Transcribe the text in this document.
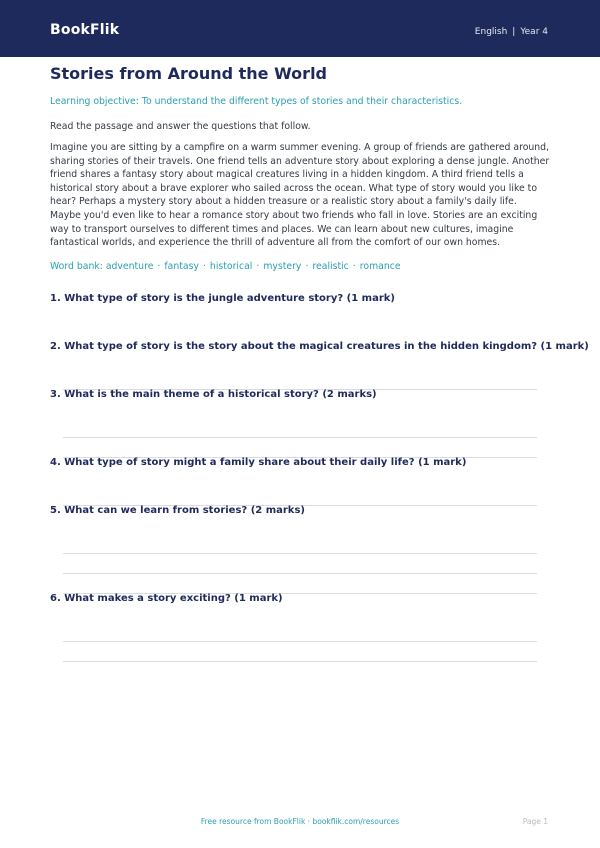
BookFlik	English | Year 4
Stories from Around the World

Learning objective: To understand the different types of stories and their characteristics.

Read the passage and answer the questions that follow.

Imagine you are sitting by a campfire on a warm summer evening. A group of friends are gathered around, sharing stories of their travels. One friend tells an adventure story about exploring a dense jungle. Another friend shares a fantasy story about magical creatures living in a hidden kingdom. A third friend tells a historical story about a brave explorer who sailed across the ocean. What type of story would you like to hear? Perhaps a mystery story about a hidden treasure or a realistic story about a family's daily life. Maybe you'd even like to hear a romance story about two friends who fall in love. Stories are an exciting way to transport ourselves to different times and places. We can learn about new cultures, imagine fantastical worlds, and experience the thrill of adventure all from the comfort of our own homes.

Word bank: adventure · fantasy · historical · mystery · realistic · romance

1. What type of story is the jungle adventure story? (1 mark)

2. What type of story is the story about the magical creatures in the hidden kingdom? (1 mark)

3. What is the main theme of a historical story? (2 marks)

4. What type of story might a family share about their daily life? (1 mark)

5. What can we learn from stories? (2 marks)

6. What makes a story exciting? (1 mark)

Free resource from BookFlik · bookflik.com/resources	Page 1
